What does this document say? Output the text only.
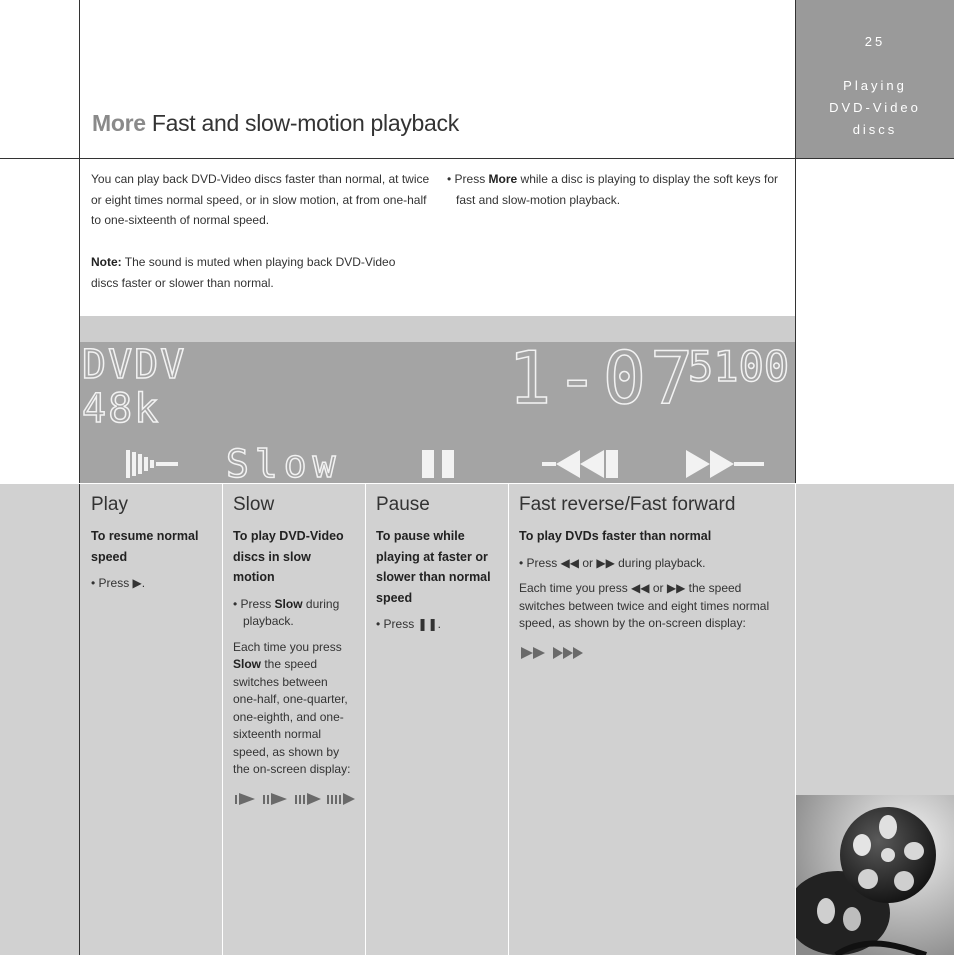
25
Playing
DVD-Video
discs
More Fast and slow-motion playback
You can play back DVD-Video discs faster than normal, at twice or eight times normal speed, or in slow motion, at from one-half to one-sixteenth of normal speed.
Note: The sound is muted when playing back DVD-Video discs faster or slower than normal.
• Press More while a disc is playing to display the soft keys for fast and slow-motion playback.
DVDV
48k	1-07
5100
Slow
Play
To resume normal speed
• Press ▶.
Slow
To play DVD-Video discs in slow motion
• Press Slow during playback.
Each time you press Slow the speed switches between one-half, one-quarter, one-eighth, and one-sixteenth normal speed, as shown by the on-screen display:
Pause
To pause while playing at faster or slower than normal speed
• Press ❚❚.
Fast reverse/Fast forward
To play DVDs faster than normal
• Press ◀◀ or ▶▶ during playback.
Each time you press ◀◀ or ▶▶ the speed switches between twice and eight times normal speed, as shown by the on-screen display:
